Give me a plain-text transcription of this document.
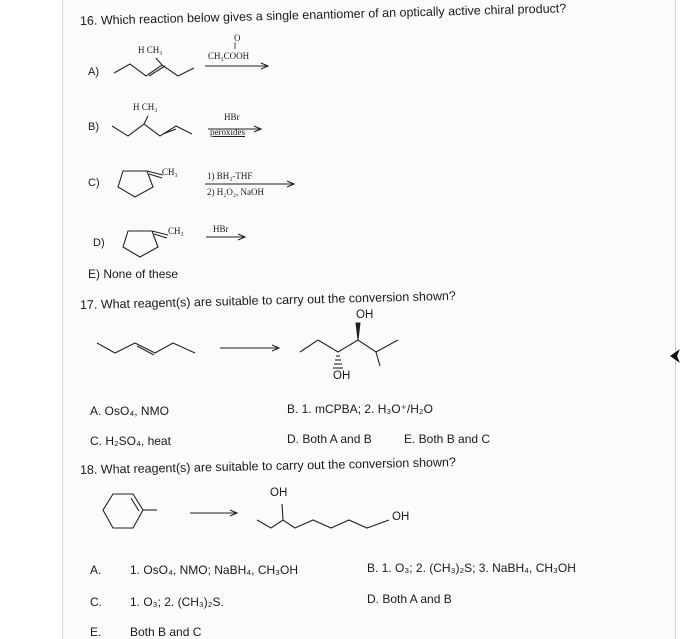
16. Which reaction below gives a single enantiomer of an optically active chiral product?
A)
H CH₃
O
‖
CH₃COOH
B)
H CH₃
HBr
peroxides
C)
CH₃	1) BH₃-THF
2) H₂O₂, NaOH
D)
CH₃	HBr
E) None of these
17. What reagent(s) are suitable to carry out the conversion shown?
OH
OH
A. OsO₄, NMO	B. 1. mCPBA; 2. H₃O⁺/H₂O
C. H₂SO₄, heat	D. Both A and B	E. Both B and C
18. What reagent(s) are suitable to carry out the conversion shown?
OH
OH
A. 1. OsO₄, NMO; NaBH₄, CH₃OH	B. 1. O₃; 2. (CH₃)₂S; 3. NaBH₄, CH₃OH
C. 1. O₃; 2. (CH₃)₂S.	D. Both A and B
E. Both B and C
